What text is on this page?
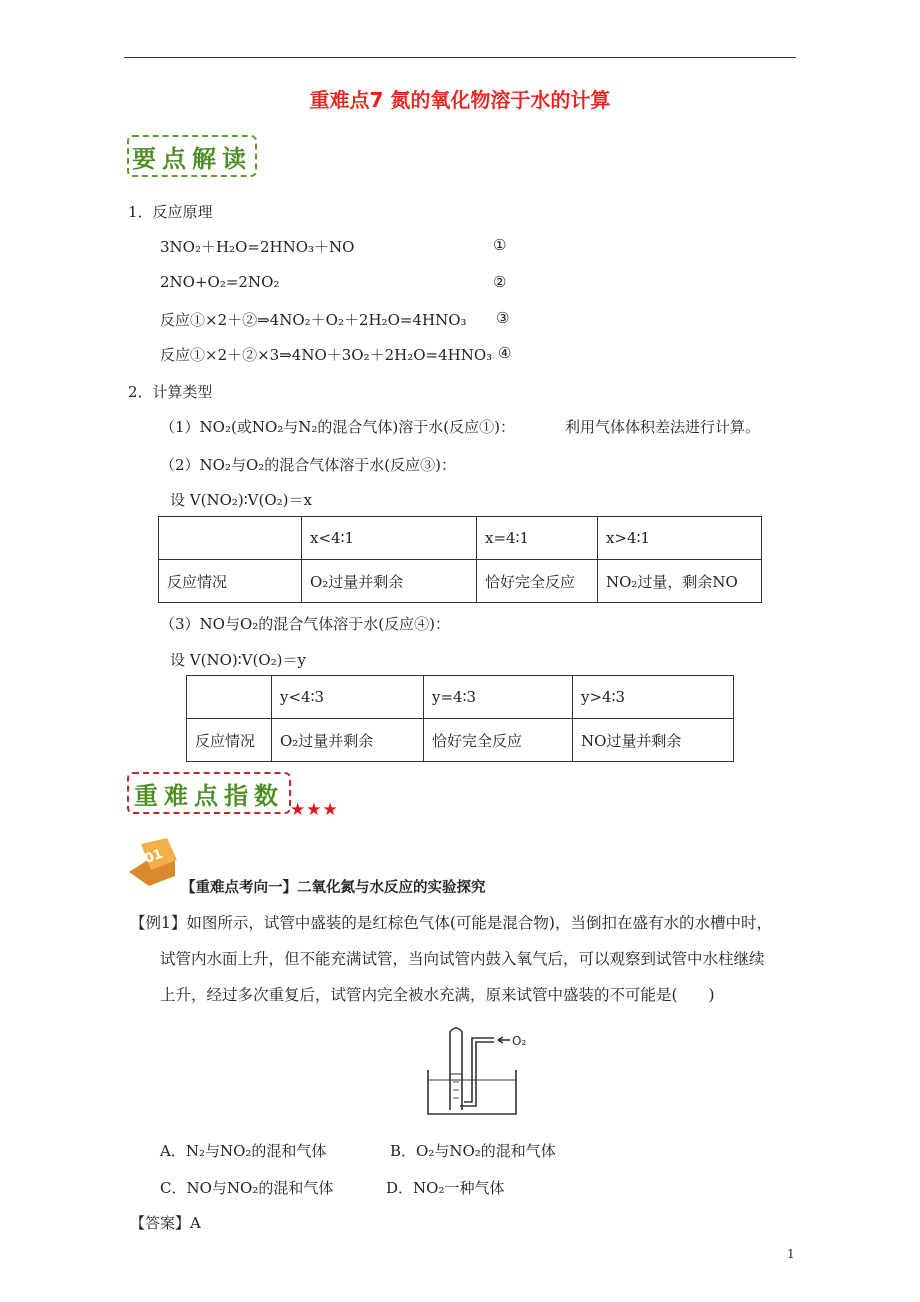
重难点7 氮的氧化物溶于水的计算
要点解读
1．反应原理
3NO₂＋H₂O=2HNO₃＋NO	①
2NO+O₂=2NO₂	②
反应①×2＋②⇒4NO₂＋O₂＋2H₂O=4HNO₃ ③
反应①×2＋②×3⇒4NO＋3O₂＋2H₂O=4HNO₃ ④
2．计算类型
（1）NO₂(或NO₂与N₂的混合气体)溶于水(反应①)：	利用气体体积差法进行计算。
（2）NO₂与O₂的混合气体溶于水(反应③)：
设 V(NO₂)∶V(O₂)＝x
	x<4∶1	x=4∶1	x>4∶1
反应情况	O₂过量并剩余	恰好完全反应	NO₂过量，剩余NO
（3）NO与O₂的混合气体溶于水(反应④)：
设 V(NO)∶V(O₂)＝y
	y<4∶3	y=4∶3	y>4∶3
反应情况	O₂过量并剩余	恰好完全反应	NO过量并剩余
重难点指数
★★★
01
【重难点考向一】二氧化氮与水反应的实验探究
【例1】如图所示，试管中盛装的是红棕色气体(可能是混合物)，当倒扣在盛有水的水槽中时，
试管内水面上升，但不能充满试管，当向试管内鼓入氧气后，可以观察到试管中水柱继续
上升，经过多次重复后，试管内完全被水充满，原来试管中盛装的不可能是(　　)
O₂
A．N₂与NO₂的混和气体	B．O₂与NO₂的混和气体
C．NO与NO₂的混和气体	D．NO₂一种气体
【答案】A
1
